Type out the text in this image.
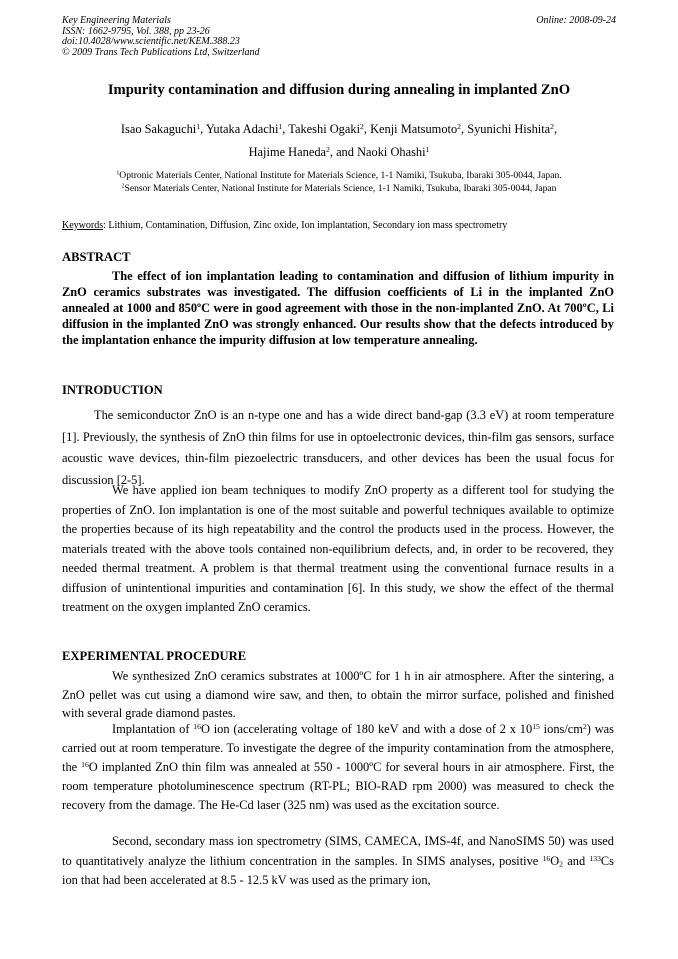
Key Engineering Materials
ISSN: 1662-9795, Vol. 388, pp 23-26
doi:10.4028/www.scientific.net/KEM.388.23
© 2009 Trans Tech Publications Ltd, Switzerland
Online: 2008-09-24
Impurity contamination and diffusion during annealing in implanted ZnO
Isao Sakaguchi$^1$, Yutaka Adachi$^1$, Takeshi Ogaki$^2$, Kenji Matsumoto$^2$, Syunichi Hishita$^2$,
Hajime Haneda$^2$, and Naoki Ohashi$^1$
$^1$Optronic Materials Center, National Institute for Materials Science, 1-1 Namiki, Tsukuba, Ibaraki 305-0044, Japan.
$^2$Sensor Materials Center, National Institute for Materials Science, 1-1 Namiki, Tsukuba, Ibaraki 305-0044, Japan
Keywords: Lithium, Contamination, Diffusion, Zinc oxide, Ion implantation, Secondary ion mass spectrometry
ABSTRACT
The effect of ion implantation leading to contamination and diffusion of lithium impurity in ZnO ceramics substrates was investigated. The diffusion coefficients of Li in the implanted ZnO annealed at 1000 and 850ºC were in good agreement with those in the non-implanted ZnO. At 700ºC, Li diffusion in the implanted ZnO was strongly enhanced. Our results show that the defects introduced by the implantation enhance the impurity diffusion at low temperature annealing.
INTRODUCTION
The semiconductor ZnO is an n-type one and has a wide direct band-gap (3.3 eV) at room temperature [1]. Previously, the synthesis of ZnO thin films for use in optoelectronic devices, thin-film gas sensors, surface acoustic wave devices, thin-film piezoelectric transducers, and other devices has been the usual focus for discussion [2-5].
We have applied ion beam techniques to modify ZnO property as a different tool for studying the properties of ZnO. Ion implantation is one of the most suitable and powerful techniques available to optimize the properties because of its high repeatability and the control the products used in the process. However, the materials treated with the above tools contained non-equilibrium defects, and, in order to be recovered, they needed thermal treatment. A problem is that thermal treatment using the conventional furnace results in a diffusion of unintentional impurities and contamination [6]. In this study, we show the effect of the thermal treatment on the oxygen implanted ZnO ceramics.
EXPERIMENTAL PROCEDURE
We synthesized ZnO ceramics substrates at 1000ºC for 1 h in air atmosphere. After the sintering, a ZnO pellet was cut using a diamond wire saw, and then, to obtain the mirror surface, polished and finished with several grade diamond pastes.
Implantation of $^{16}$O ion (accelerating voltage of 180 keV and with a dose of 2 x $10^{15}$ ions/$cm^2$) was carried out at room temperature. To investigate the degree of the impurity contamination from the atmosphere, the $^{16}$O implanted ZnO thin film was annealed at 550 - 1000ºC for several hours in air atmosphere. First, the room temperature photoluminescence spectrum (RT-PL; BIO-RAD rpm 2000) was measured to check the recovery from the damage. The He-Cd laser (325 nm) was used as the excitation source.
Second, secondary mass ion spectrometry (SIMS, CAMECA, IMS-4f, and NanoSIMS 50) was used to quantitatively analyze the lithium concentration in the samples. In SIMS analyses, positive $^{16}O_2$ and $^{133}$Cs ion that had been accelerated at 8.5 - 12.5 kV was used as the primary ion,
